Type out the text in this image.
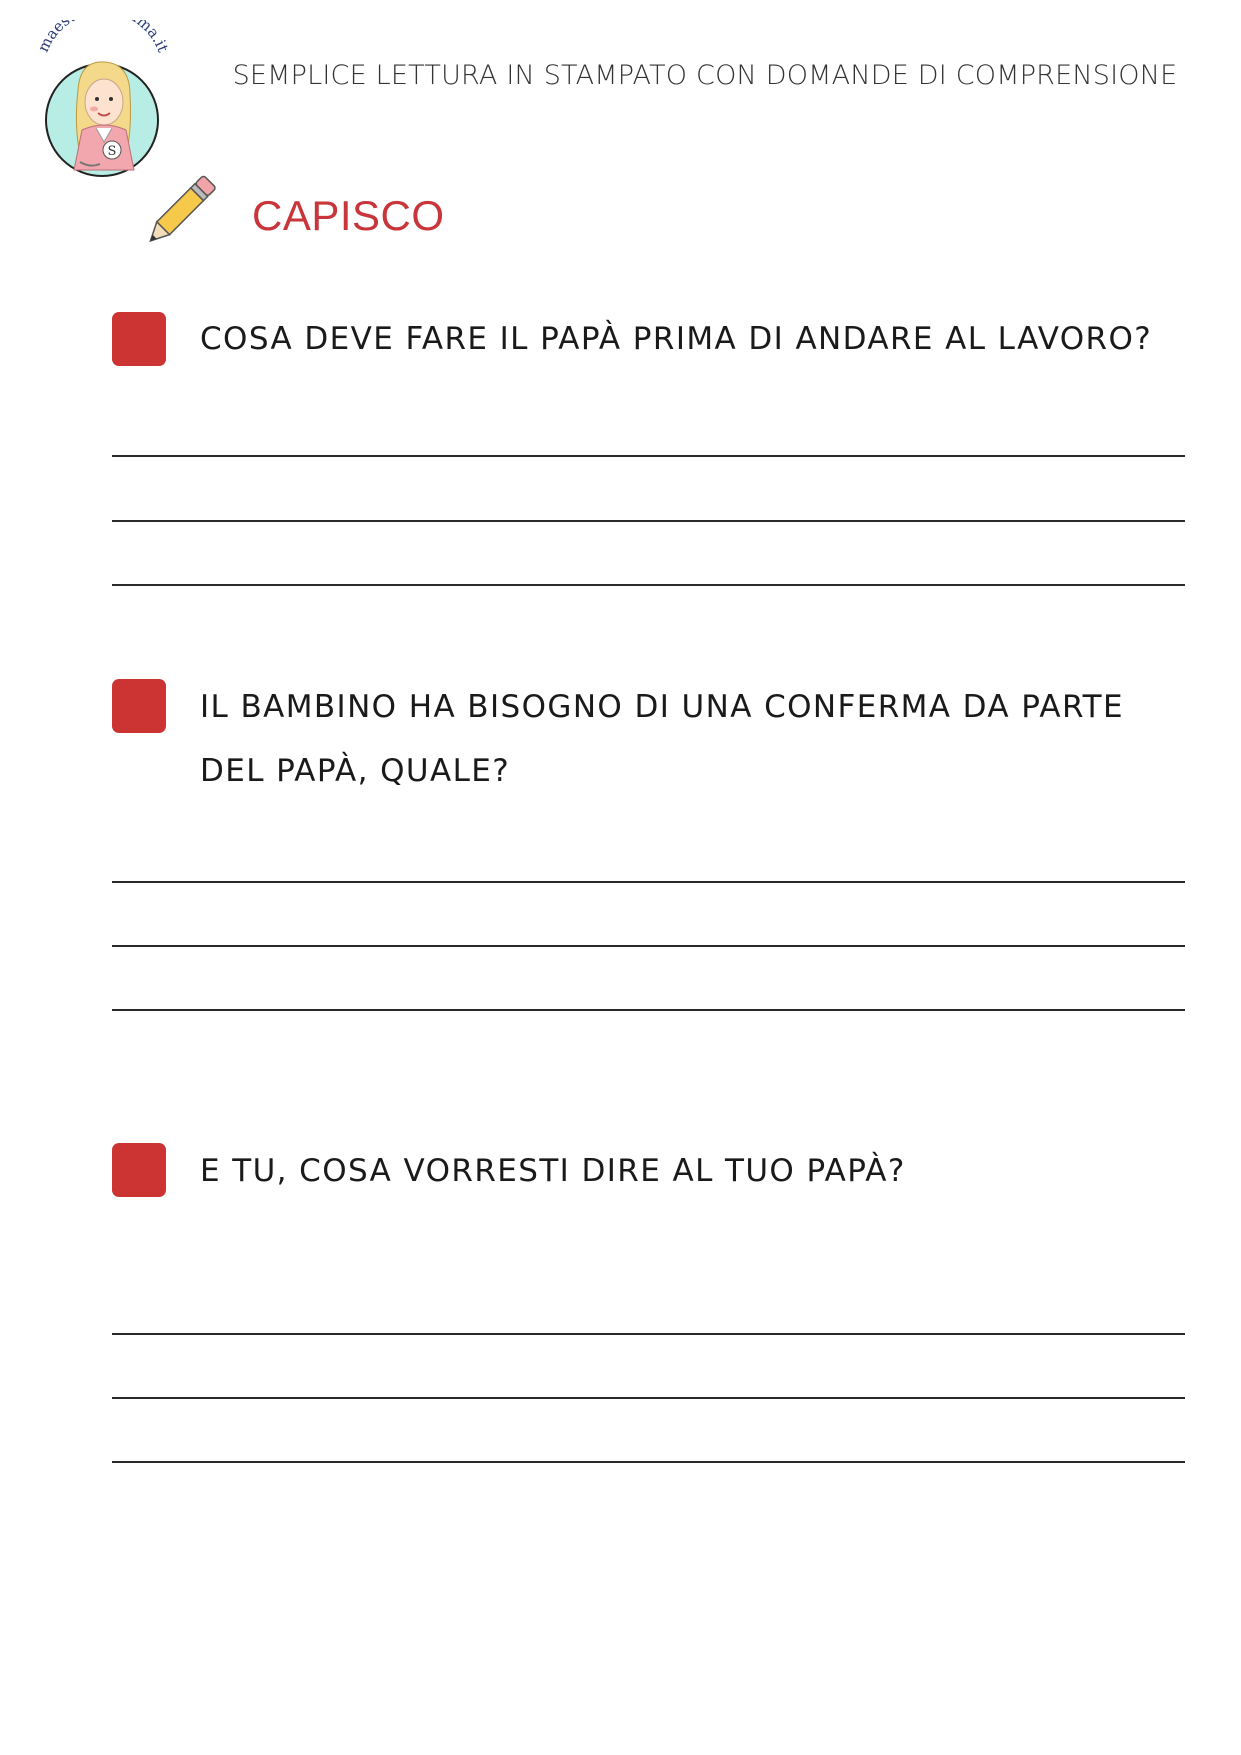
maes ma.it
S
SEMPLICE LETTURA IN STAMPATO CON DOMANDE DI COMPRENSIONE
CAPISCO
COSA DEVE FARE IL PAPÀ PRIMA DI ANDARE AL LAVORO?
IL BAMBINO HA BISOGNO DI UNA CONFERMA DA PARTE DEL PAPÀ, QUALE?
E TU, COSA VORRESTI DIRE AL TUO PAPÀ?
